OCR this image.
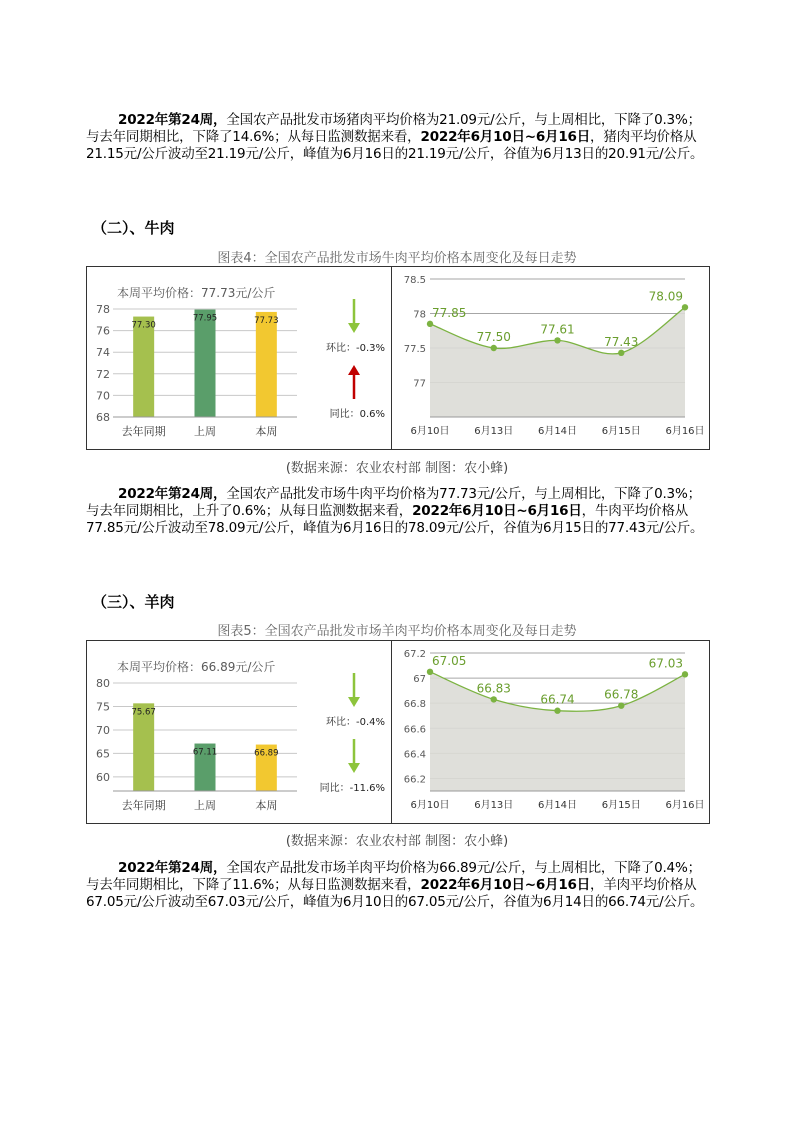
2022年第24周，全国农产品批发市场猪肉平均价格为21.09元/公斤，与上周相比，下降了0.3%；与去年同期相比，下降了14.6%；从每日监测数据来看，2022年6月10日~6月16日，猪肉平均价格从21.15元/公斤波动至21.19元/公斤，峰值为6月16日的21.19元/公斤，谷值为6月13日的20.91元/公斤。
（二）、牛肉
图表4：全国农产品批发市场牛肉平均价格本周变化及每日走势
本周平均价格：77.73元/公斤
68
70
72
74
76
78
77.30
去年同期
77.95
上周
77.73
本周
环比：-0.3%
同比：0.6%
77
77.5
78
78.5
77.85
6月10日
77.50
6月13日
77.61
6月14日
77.43
6月15日
78.09
6月16日
(数据来源：农业农村部 制图：农小蜂)
2022年第24周，全国农产品批发市场牛肉平均价格为77.73元/公斤，与上周相比，下降了0.3%；与去年同期相比，上升了0.6%；从每日监测数据来看，2022年6月10日~6月16日，牛肉平均价格从77.85元/公斤波动至78.09元/公斤，峰值为6月16日的78.09元/公斤，谷值为6月15日的77.43元/公斤。
（三）、羊肉
图表5：全国农产品批发市场羊肉平均价格本周变化及每日走势
本周平均价格：66.89元/公斤
60
65
70
75
80
75.67
去年同期
67.11
上周
66.89
本周
环比：-0.4%
同比：-11.6%
66.2
66.4
66.6
66.8
67
67.2 67.05
6月10日
66.83
6月13日
66.74
6月14日
66.78
6月15日
67.03
6月16日
(数据来源：农业农村部 制图：农小蜂)
2022年第24周，全国农产品批发市场羊肉平均价格为66.89元/公斤，与上周相比，下降了0.4%；与去年同期相比，下降了11.6%；从每日监测数据来看，2022年6月10日~6月16日，羊肉平均价格从67.05元/公斤波动至67.03元/公斤，峰值为6月10日的67.05元/公斤，谷值为6月14日的66.74元/公斤。
